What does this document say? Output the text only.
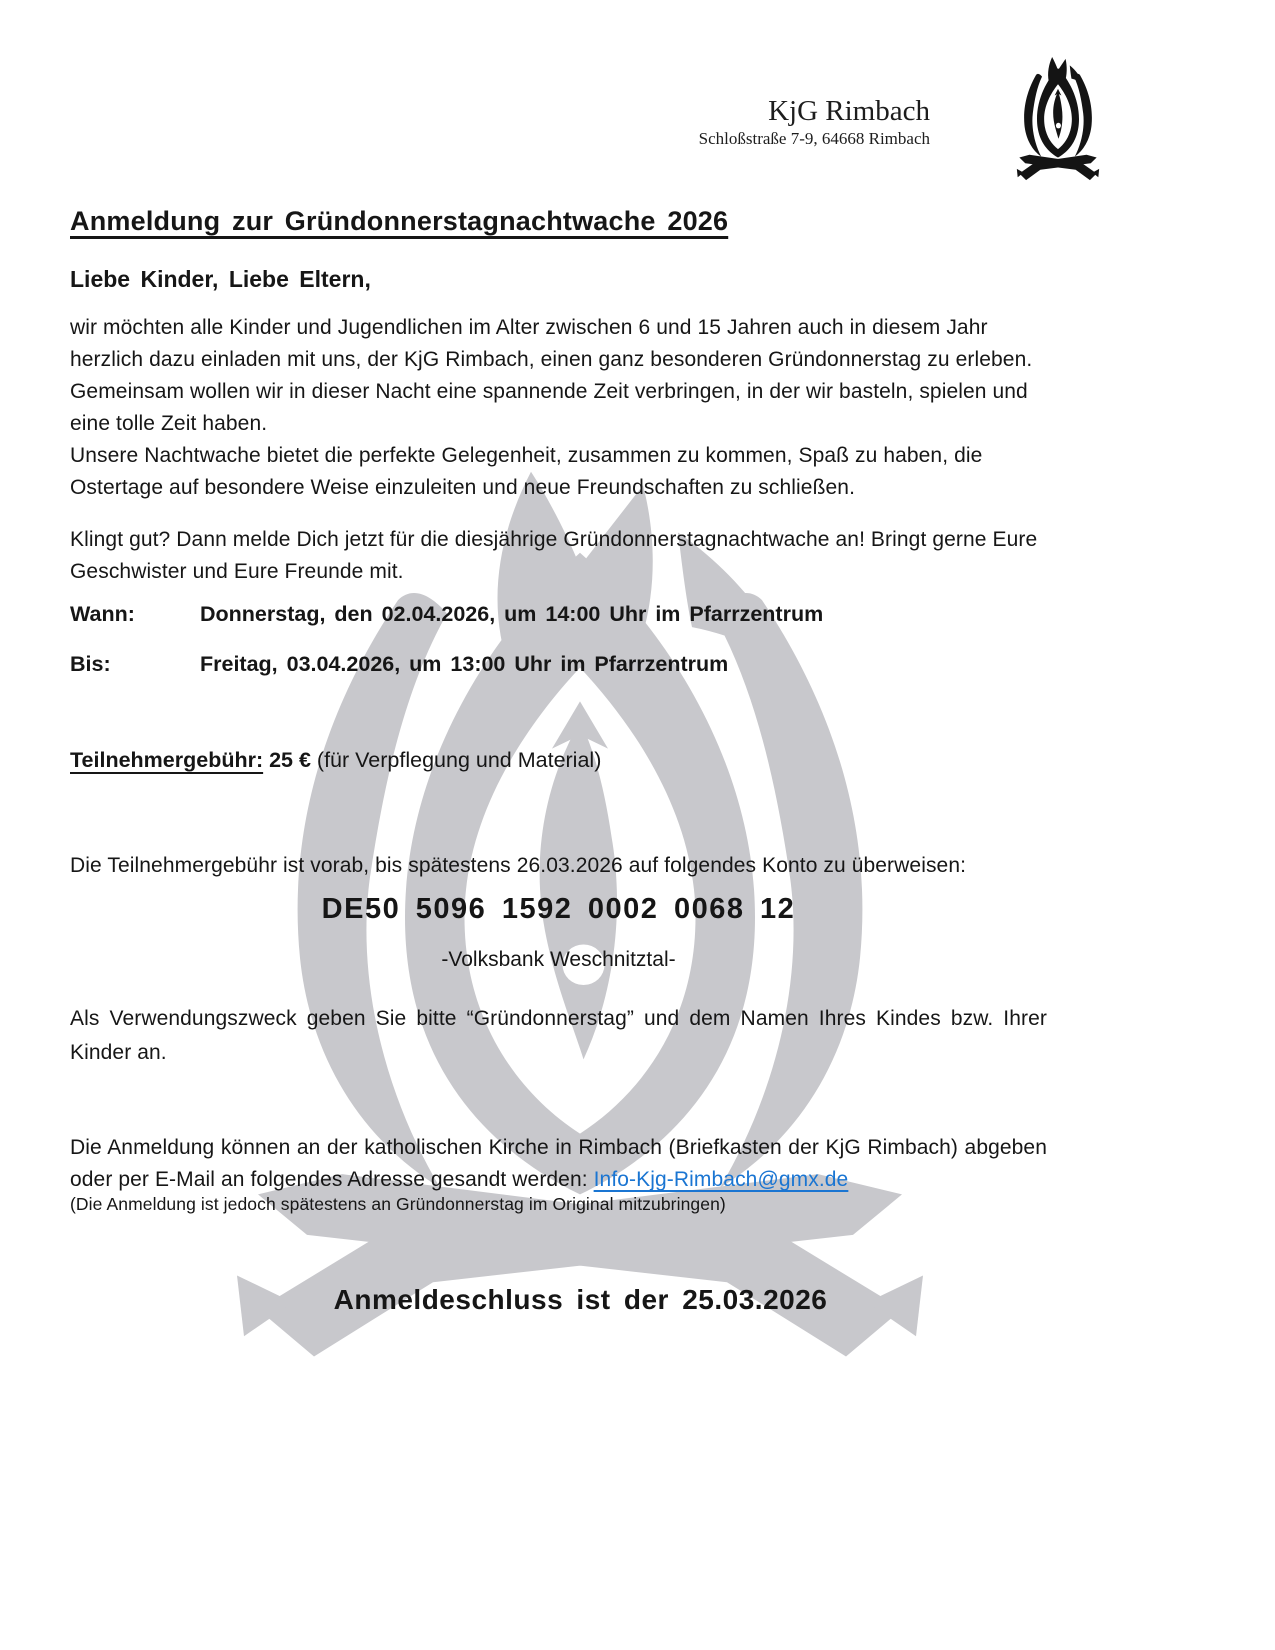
KjG Rimbach
Schloßstraße 7-9, 64668 Rimbach
Anmeldung zur Gründonnerstagnachtwache 2026
Liebe Kinder, Liebe Eltern,
wir möchten alle Kinder und Jugendlichen im Alter zwischen 6 und 15 Jahren auch in diesem Jahr herzlich dazu einladen mit uns, der KjG Rimbach, einen ganz besonderen Gründonnerstag zu erleben. Gemeinsam wollen wir in dieser Nacht eine spannende Zeit verbringen, in der wir basteln, spielen und eine tolle Zeit haben.
Unsere Nachtwache bietet die perfekte Gelegenheit, zusammen zu kommen, Spaß zu haben, die Ostertage auf besondere Weise einzuleiten und neue Freundschaften zu schließen.
Klingt gut? Dann melde Dich jetzt für die diesjährige Gründonnerstagnachtwache an! Bringt gerne Eure Geschwister und Eure Freunde mit.
Wann:	Donnerstag, den 02.04.2026, um 14:00 Uhr im Pfarrzentrum
Bis:	Freitag, 03.04.2026, um 13:00 Uhr im Pfarrzentrum
Teilnehmergebühr: 25 € (für Verpflegung und Material)
Die Teilnehmergebühr ist vorab, bis spätestens 26.03.2026 auf folgendes Konto zu überweisen:
DE50 5096 1592 0002 0068 12
-Volksbank Weschnitztal-
Als Verwendungszweck geben Sie bitte “Gründonnerstag” und dem Namen Ihres Kindes bzw. Ihrer Kinder an.
Die Anmeldung können an der katholischen Kirche in Rimbach (Briefkasten der KjG Rimbach) abgeben oder per E-Mail an folgendes Adresse gesandt werden: Info-Kjg-Rimbach@gmx.de
(Die Anmeldung ist jedoch spätestens an Gründonnerstag im Original mitzubringen)
Anmeldeschluss ist der 25.03.2026
